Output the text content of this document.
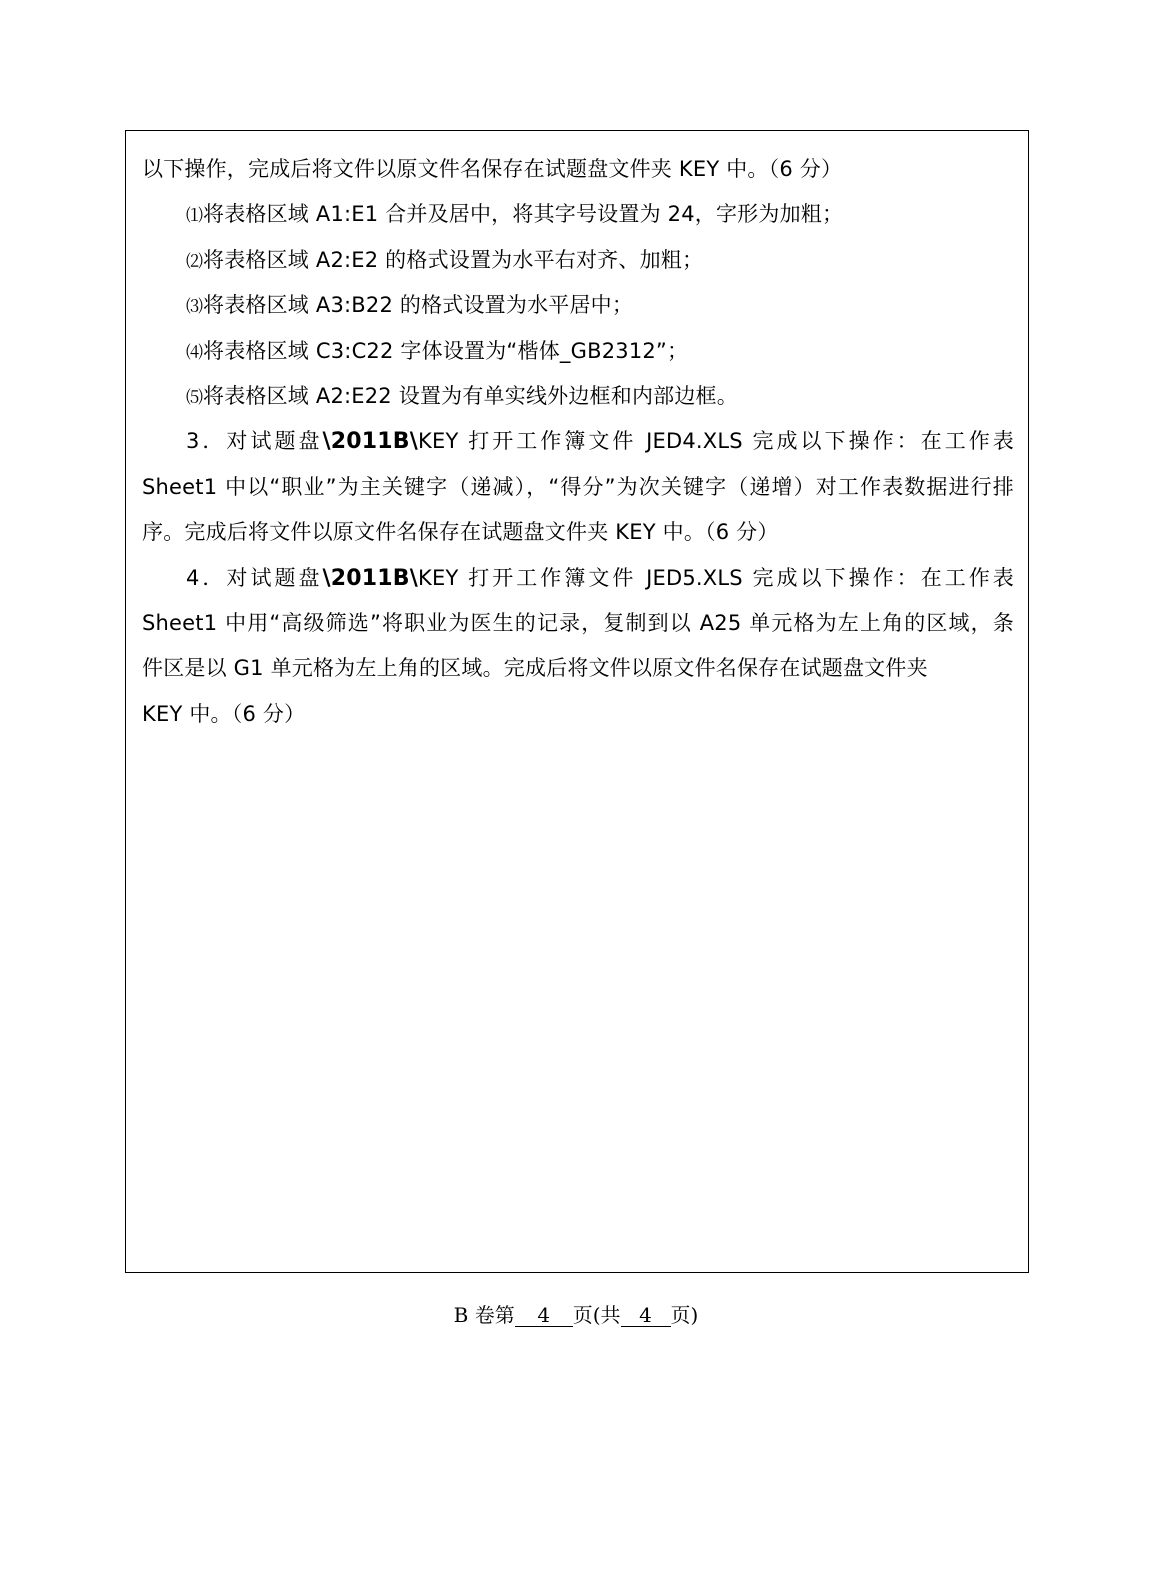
以下操作，完成后将文件以原文件名保存在试题盘文件夹 KEY 中。（6 分）
⑴将表格区域 A1:E1 合并及居中，将其字号设置为 24，字形为加粗；
⑵将表格区域 A2:E2 的格式设置为水平右对齐、加粗；
⑶将表格区域 A3:B22 的格式设置为水平居中；
⑷将表格区域 C3:C22 字体设置为“楷体_GB2312”；
⑸将表格区域 A2:E22 设置为有单实线外边框和内部边框。
3．对试题盘\2011B\KEY 打开工作簿文件 JED4.XLS 完成以下操作：在工作表
Sheet1 中以“职业”为主关键字（递减），“得分”为次关键字（递增）对工作表数据进行排
序。完成后将文件以原文件名保存在试题盘文件夹 KEY 中。（6 分）
4．对试题盘\2011B\KEY 打开工作簿文件 JED5.XLS 完成以下操作：在工作表
Sheet1 中用“高级筛选”将职业为医生的记录，复制到以 A25 单元格为左上角的区域，条
件区是以 G1 单元格为左上角的区域。完成后将文件以原文件名保存在试题盘文件夹
KEY 中。（6 分）
B 卷第 4 页(共 4 页)
